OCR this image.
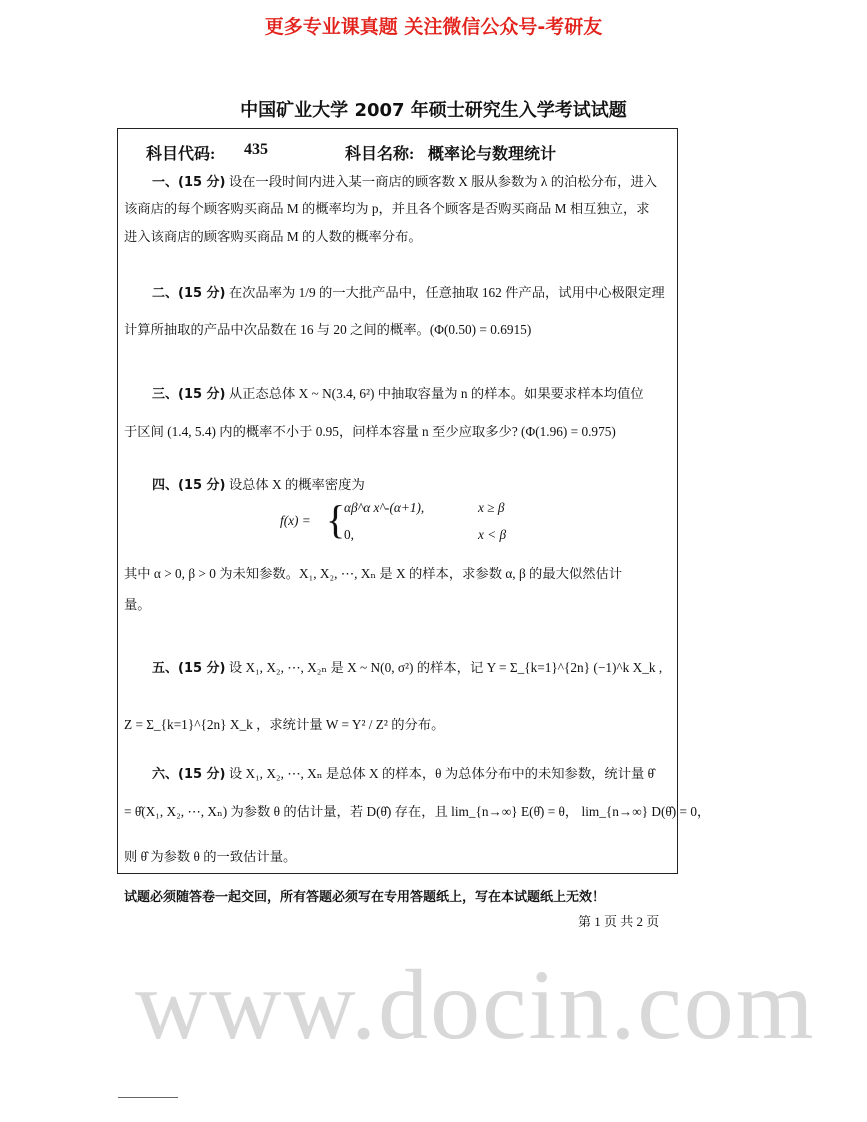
更多专业课真题 关注微信公众号-考研友
中国矿业大学 2007 年硕士研究生入学考试试题
科目代码: 435	科目名称: 概率论与数理统计
一、(15 分) 设在一段时间内进入某一商店的顾客数 X 服从参数为 λ 的泊松分布，进入
该商店的每个顾客购买商品 M 的概率均为 p，并且各个顾客是否购买商品 M 相互独立，求
进入该商店的顾客购买商品 M 的人数的概率分布。
二、(15 分) 在次品率为 1/9 的一大批产品中，任意抽取 162 件产品，试用中心极限定理
计算所抽取的产品中次品数在 16 与 20 之间的概率。(Φ(0.50) = 0.6915)
三、(15 分) 从正态总体 X ~ N(3.4, 6²) 中抽取容量为 n 的样本。如果要求样本均值位
于区间 (1.4, 5.4) 内的概率不小于 0.95，问样本容量 n 至少应取多少? (Φ(1.96) = 0.975)
四、(15 分) 设总体 X 的概率密度为
f(x) = {
αβ^α x^-(α+1),	x ≥ β
0,	x < β
其中 α > 0, β > 0 为未知参数。X₁, X₂, ⋯, Xₙ 是 X 的样本，求参数 α, β 的最大似然估计
量。
五、(15 分) 设 X₁, X₂, ⋯, X₂ₙ 是 X ~ N(0, σ²) 的样本，记 Y = Σ_{k=1}^{2n} (−1)^k X_k ,
Z = Σ_{k=1}^{2n} X_k ，求统计量 W = Y² / Z² 的分布。
六、(15 分) 设 X₁, X₂, ⋯, Xₙ 是总体 X 的样本，θ 为总体分布中的未知参数，统计量 θ̂
= θ̂(X₁, X₂, ⋯, Xₙ) 为参数 θ 的估计量，若 D(θ̂) 存在，且 lim_{n→∞} E(θ̂) = θ， lim_{n→∞} D(θ̂) = 0，
则 θ̂ 为参数 θ 的一致估计量。
试题必须随答卷一起交回，所有答题必须写在专用答题纸上，写在本试题纸上无效！
第 1 页 共 2 页
www.docin.com
